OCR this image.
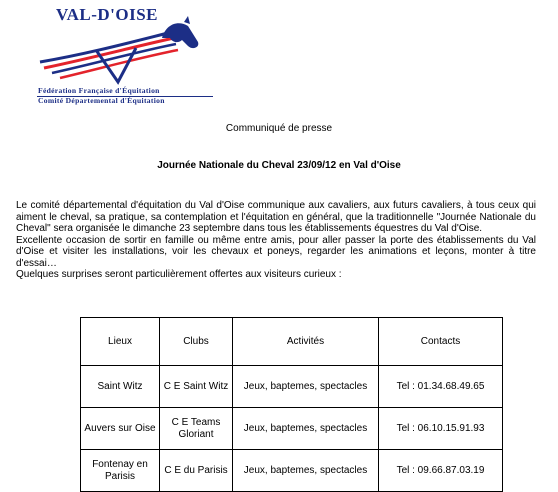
VAL-D'OISE
Fédération Française d'Équitation
Comité Départemental d'Équitation
Communiqué de presse
Journée Nationale du Cheval 23/09/12 en Val d'Oise

Le comité départemental d'équitation du Val d'Oise communique aux cavaliers, aux futurs cavaliers, à tous ceux qui aiment le cheval, sa pratique, sa contemplation et l'équitation en général, que la traditionnelle "Journée Nationale du Cheval" sera organisée le dimanche 23 septembre dans tous les établissements équestres du Val d'Oise.

Excellente occasion de sortir en famille ou même entre amis, pour aller passer la porte des établissements du Val d'Oise et visiter les installations, voir les chevaux et poneys, regarder les animations et leçons, monter à titre d'essai…

Quelques surprises seront particulièrement offertes aux visiteurs curieux :

Lieux	Clubs	Activités	Contacts
Saint Witz	C E Saint Witz	Jeux, baptemes, spectacles	Tel : 01.34.68.49.65
Auvers sur Oise	C E Teams Gloriant	Jeux, baptemes, spectacles	Tel : 06.10.15.91.93
Fontenay en Parisis	C E du Parisis	Jeux, baptemes, spectacles	Tel : 09.66.87.03.19
